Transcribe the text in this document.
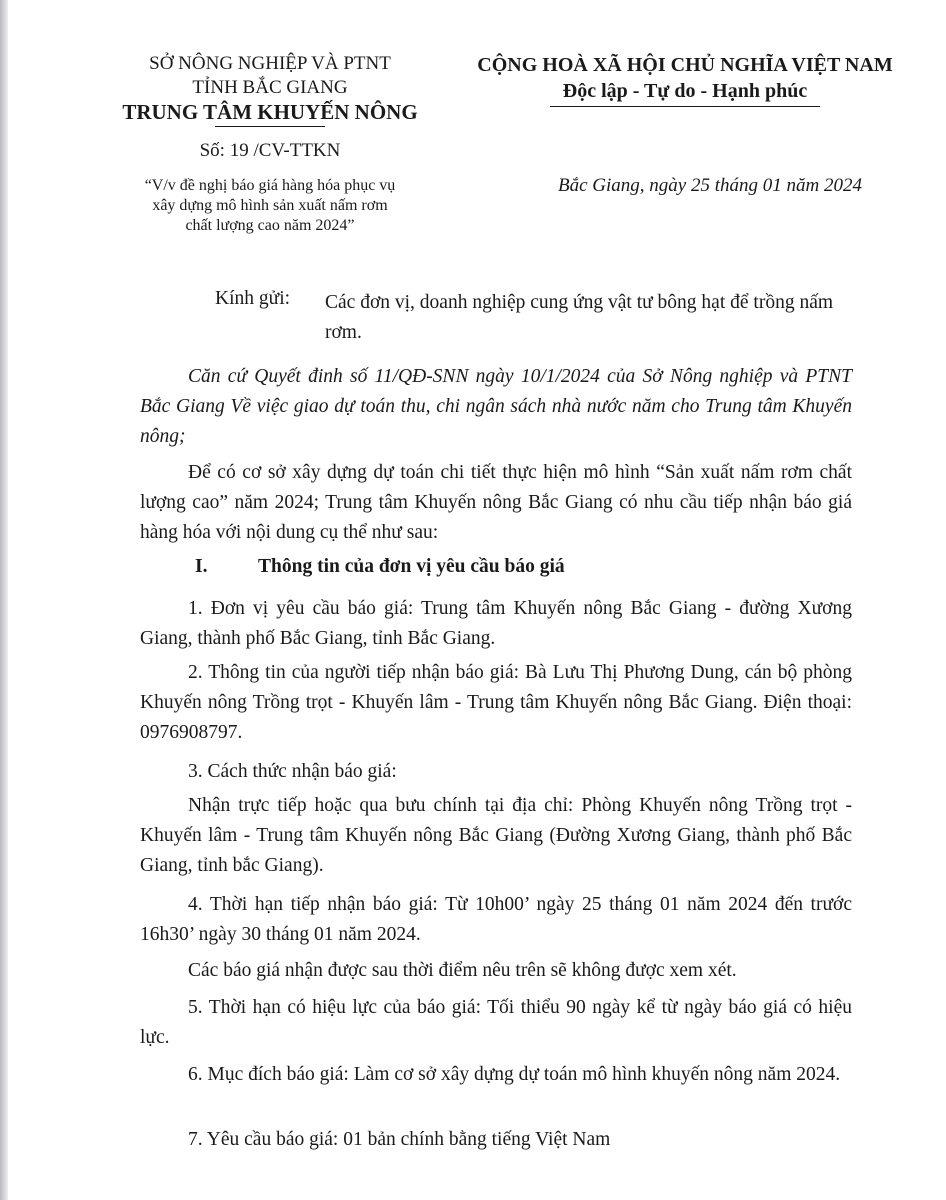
SỞ NÔNG NGHIỆP VÀ PTNT
TỈNH BẮC GIANG
TRUNG TÂM KHUYẾN NÔNG
CỘNG HOÀ XÃ HỘI CHỦ NGHĨA VIỆT NAM
Độc lập - Tự do - Hạnh phúc
Số: 19 /CV-TTKN
“V/v đề nghị báo giá hàng hóa phục vụ
xây dựng mô hình sản xuất nấm rơm
chất lượng cao năm 2024”
Bắc Giang, ngày 25 tháng 01 năm 2024
Kính gửi: Các đơn vị, doanh nghiệp cung ứng vật tư bông hạt để trồng nấm rơm.

Căn cứ Quyết đinh số 11/QĐ-SNN ngày 10/1/2024 của Sở Nông nghiệp và PTNT Bắc Giang Về việc giao dự toán thu, chi ngân sách nhà nước năm cho Trung tâm Khuyến nông;

Để có cơ sở xây dựng dự toán chi tiết thực hiện mô hình “Sản xuất nấm rơm chất lượng cao” năm 2024; Trung tâm Khuyến nông Bắc Giang có nhu cầu tiếp nhận báo giá hàng hóa với nội dung cụ thể như sau:

I.	Thông tin của đơn vị yêu cầu báo giá

1. Đơn vị yêu cầu báo giá: Trung tâm Khuyến nông Bắc Giang - đường Xương Giang, thành phố Bắc Giang, tỉnh Bắc Giang.

2. Thông tin của người tiếp nhận báo giá: Bà Lưu Thị Phương Dung, cán bộ phòng Khuyến nông Trồng trọt - Khuyến lâm - Trung tâm Khuyến nông Bắc Giang. Điện thoại: 0976908797.

3. Cách thức nhận báo giá:

Nhận trực tiếp hoặc qua bưu chính tại địa chỉ: Phòng Khuyến nông Trồng trọt - Khuyến lâm - Trung tâm Khuyến nông Bắc Giang (Đường Xương Giang, thành phố Bắc Giang, tỉnh bắc Giang).

4. Thời hạn tiếp nhận báo giá: Từ 10h00’ ngày 25 tháng 01 năm 2024 đến trước 16h30’ ngày 30 tháng 01 năm 2024.

Các báo giá nhận được sau thời điểm nêu trên sẽ không được xem xét.

5. Thời hạn có hiệu lực của báo giá: Tối thiểu 90 ngày kể từ ngày báo giá có hiệu lực.

6. Mục đích báo giá: Làm cơ sở xây dựng dự toán mô hình khuyến nông năm 2024.

7. Yêu cầu báo giá: 01 bản chính bằng tiếng Việt Nam
